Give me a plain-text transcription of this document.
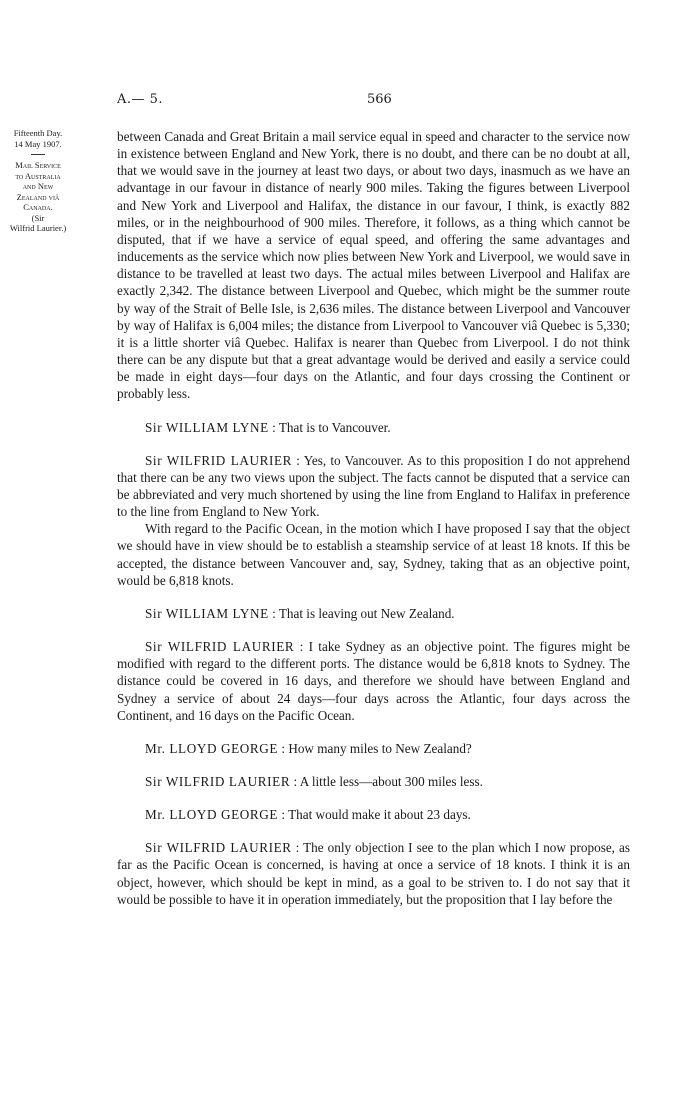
A.— 5.	566
Fifteenth Day.
14 May 1907.
Mail Service
to Australia
and New
Zealand viâ
Canada.
(Sir
Wilfrid Laurier.)

between Canada and Great Britain a mail service equal in speed and character to the service now in existence between England and New York, there is no doubt, and there can be no doubt at all, that we would save in the journey at least two days, or about two days, inasmuch as we have an advantage in our favour in distance of nearly 900 miles. Taking the figures between Liverpool and New York and Liverpool and Halifax, the distance in our favour, I think, is exactly 882 miles, or in the neighbourhood of 900 miles. Therefore, it follows, as a thing which cannot be disputed, that if we have a service of equal speed, and offering the same advantages and inducements as the service which now plies between New York and Liverpool, we would save in distance to be travelled at least two days. The actual miles between Liverpool and Halifax are exactly 2,342. The distance between Liverpool and Quebec, which might be the summer route by way of the Strait of Belle Isle, is 2,636 miles. The distance between Liverpool and Vancouver by way of Halifax is 6,004 miles; the distance from Liverpool to Vancouver viâ Quebec is 5,330; it is a little shorter viâ Quebec. Halifax is nearer than Quebec from Liverpool. I do not think there can be any dispute but that a great advantage would be derived and easily a service could be made in eight days—four days on the Atlantic, and four days crossing the Continent or probably less.

Sir WILLIAM LYNE : That is to Vancouver.

Sir WILFRID LAURIER : Yes, to Vancouver. As to this proposition I do not apprehend that there can be any two views upon the subject. The facts cannot be disputed that a service can be abbreviated and very much shortened by using the line from England to Halifax in preference to the line from England to New York.

With regard to the Pacific Ocean, in the motion which I have proposed I say that the object we should have in view should be to establish a steamship service of at least 18 knots. If this be accepted, the distance between Vancouver and, say, Sydney, taking that as an objective point, would be 6,818 knots.

Sir WILLIAM LYNE : That is leaving out New Zealand.

Sir WILFRID LAURIER : I take Sydney as an objective point. The figures might be modified with regard to the different ports. The distance would be 6,818 knots to Sydney. The distance could be covered in 16 days, and therefore we should have between England and Sydney a service of about 24 days—four days across the Atlantic, four days across the Continent, and 16 days on the Pacific Ocean.

Mr. LLOYD GEORGE : How many miles to New Zealand?

Sir WILFRID LAURIER : A little less—about 300 miles less.

Mr. LLOYD GEORGE : That would make it about 23 days.

Sir WILFRID LAURIER : The only objection I see to the plan which I now propose, as far as the Pacific Ocean is concerned, is having at once a service of 18 knots. I think it is an object, however, which should be kept in mind, as a goal to be striven to. I do not say that it would be possible to have it in operation immediately, but the proposition that I lay before the
